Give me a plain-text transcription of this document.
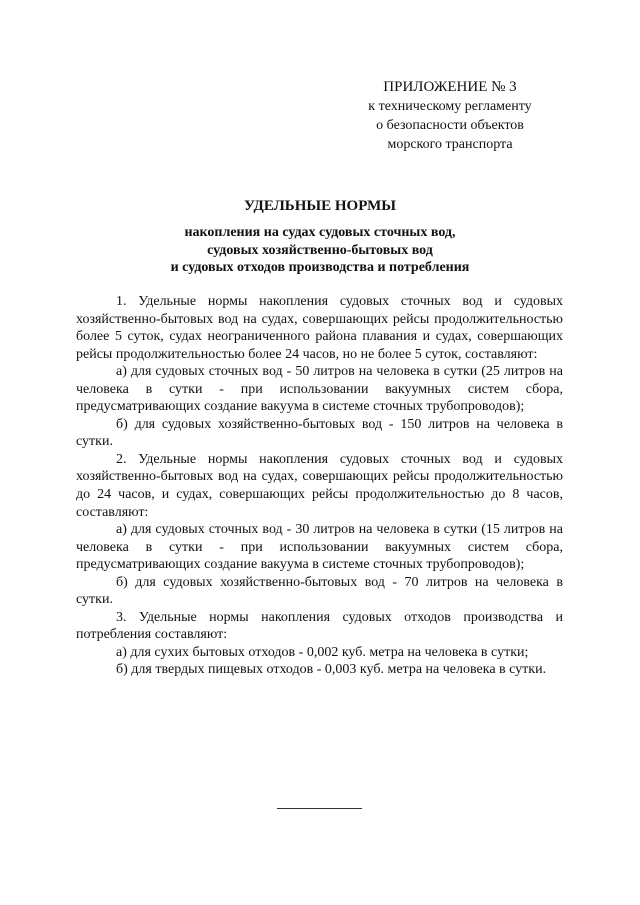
ПРИЛОЖЕНИЕ № 3
к техническому регламенту
о безопасности объектов
морского транспорта
УДЕЛЬНЫЕ НОРМЫ
накопления на судах судовых сточных вод,
судовых хозяйственно-бытовых вод
и судовых отходов производства и потребления

1. Удельные нормы накопления судовых сточных вод и судовых хозяйственно-бытовых вод на судах, совершающих рейсы продолжительностью более 5 суток, судах неограниченного района плавания и судах, совершающих рейсы продолжительностью более 24 часов, но не более 5 суток, составляют:

а) для судовых сточных вод - 50 литров на человека в сутки (25 литров на человека в сутки - при использовании вакуумных систем сбора, предусматривающих создание вакуума в системе сточных трубопроводов);

б) для судовых хозяйственно-бытовых вод - 150 литров на человека в сутки.

2. Удельные нормы накопления судовых сточных вод и судовых хозяйственно-бытовых вод на судах, совершающих рейсы продолжительностью до 24 часов, и судах, совершающих рейсы продолжительностью до 8 часов, составляют:

а) для судовых сточных вод - 30 литров на человека в сутки (15 литров на человека в сутки - при использовании вакуумных систем сбора, предусматривающих создание вакуума в системе сточных трубопроводов);

б) для судовых хозяйственно-бытовых вод - 70 литров на человека в сутки.

3. Удельные нормы накопления судовых отходов производства и потребления составляют:

а) для сухих бытовых отходов - 0,002 куб. метра на человека в сутки;

б) для твердых пищевых отходов - 0,003 куб. метра на человека в сутки.
